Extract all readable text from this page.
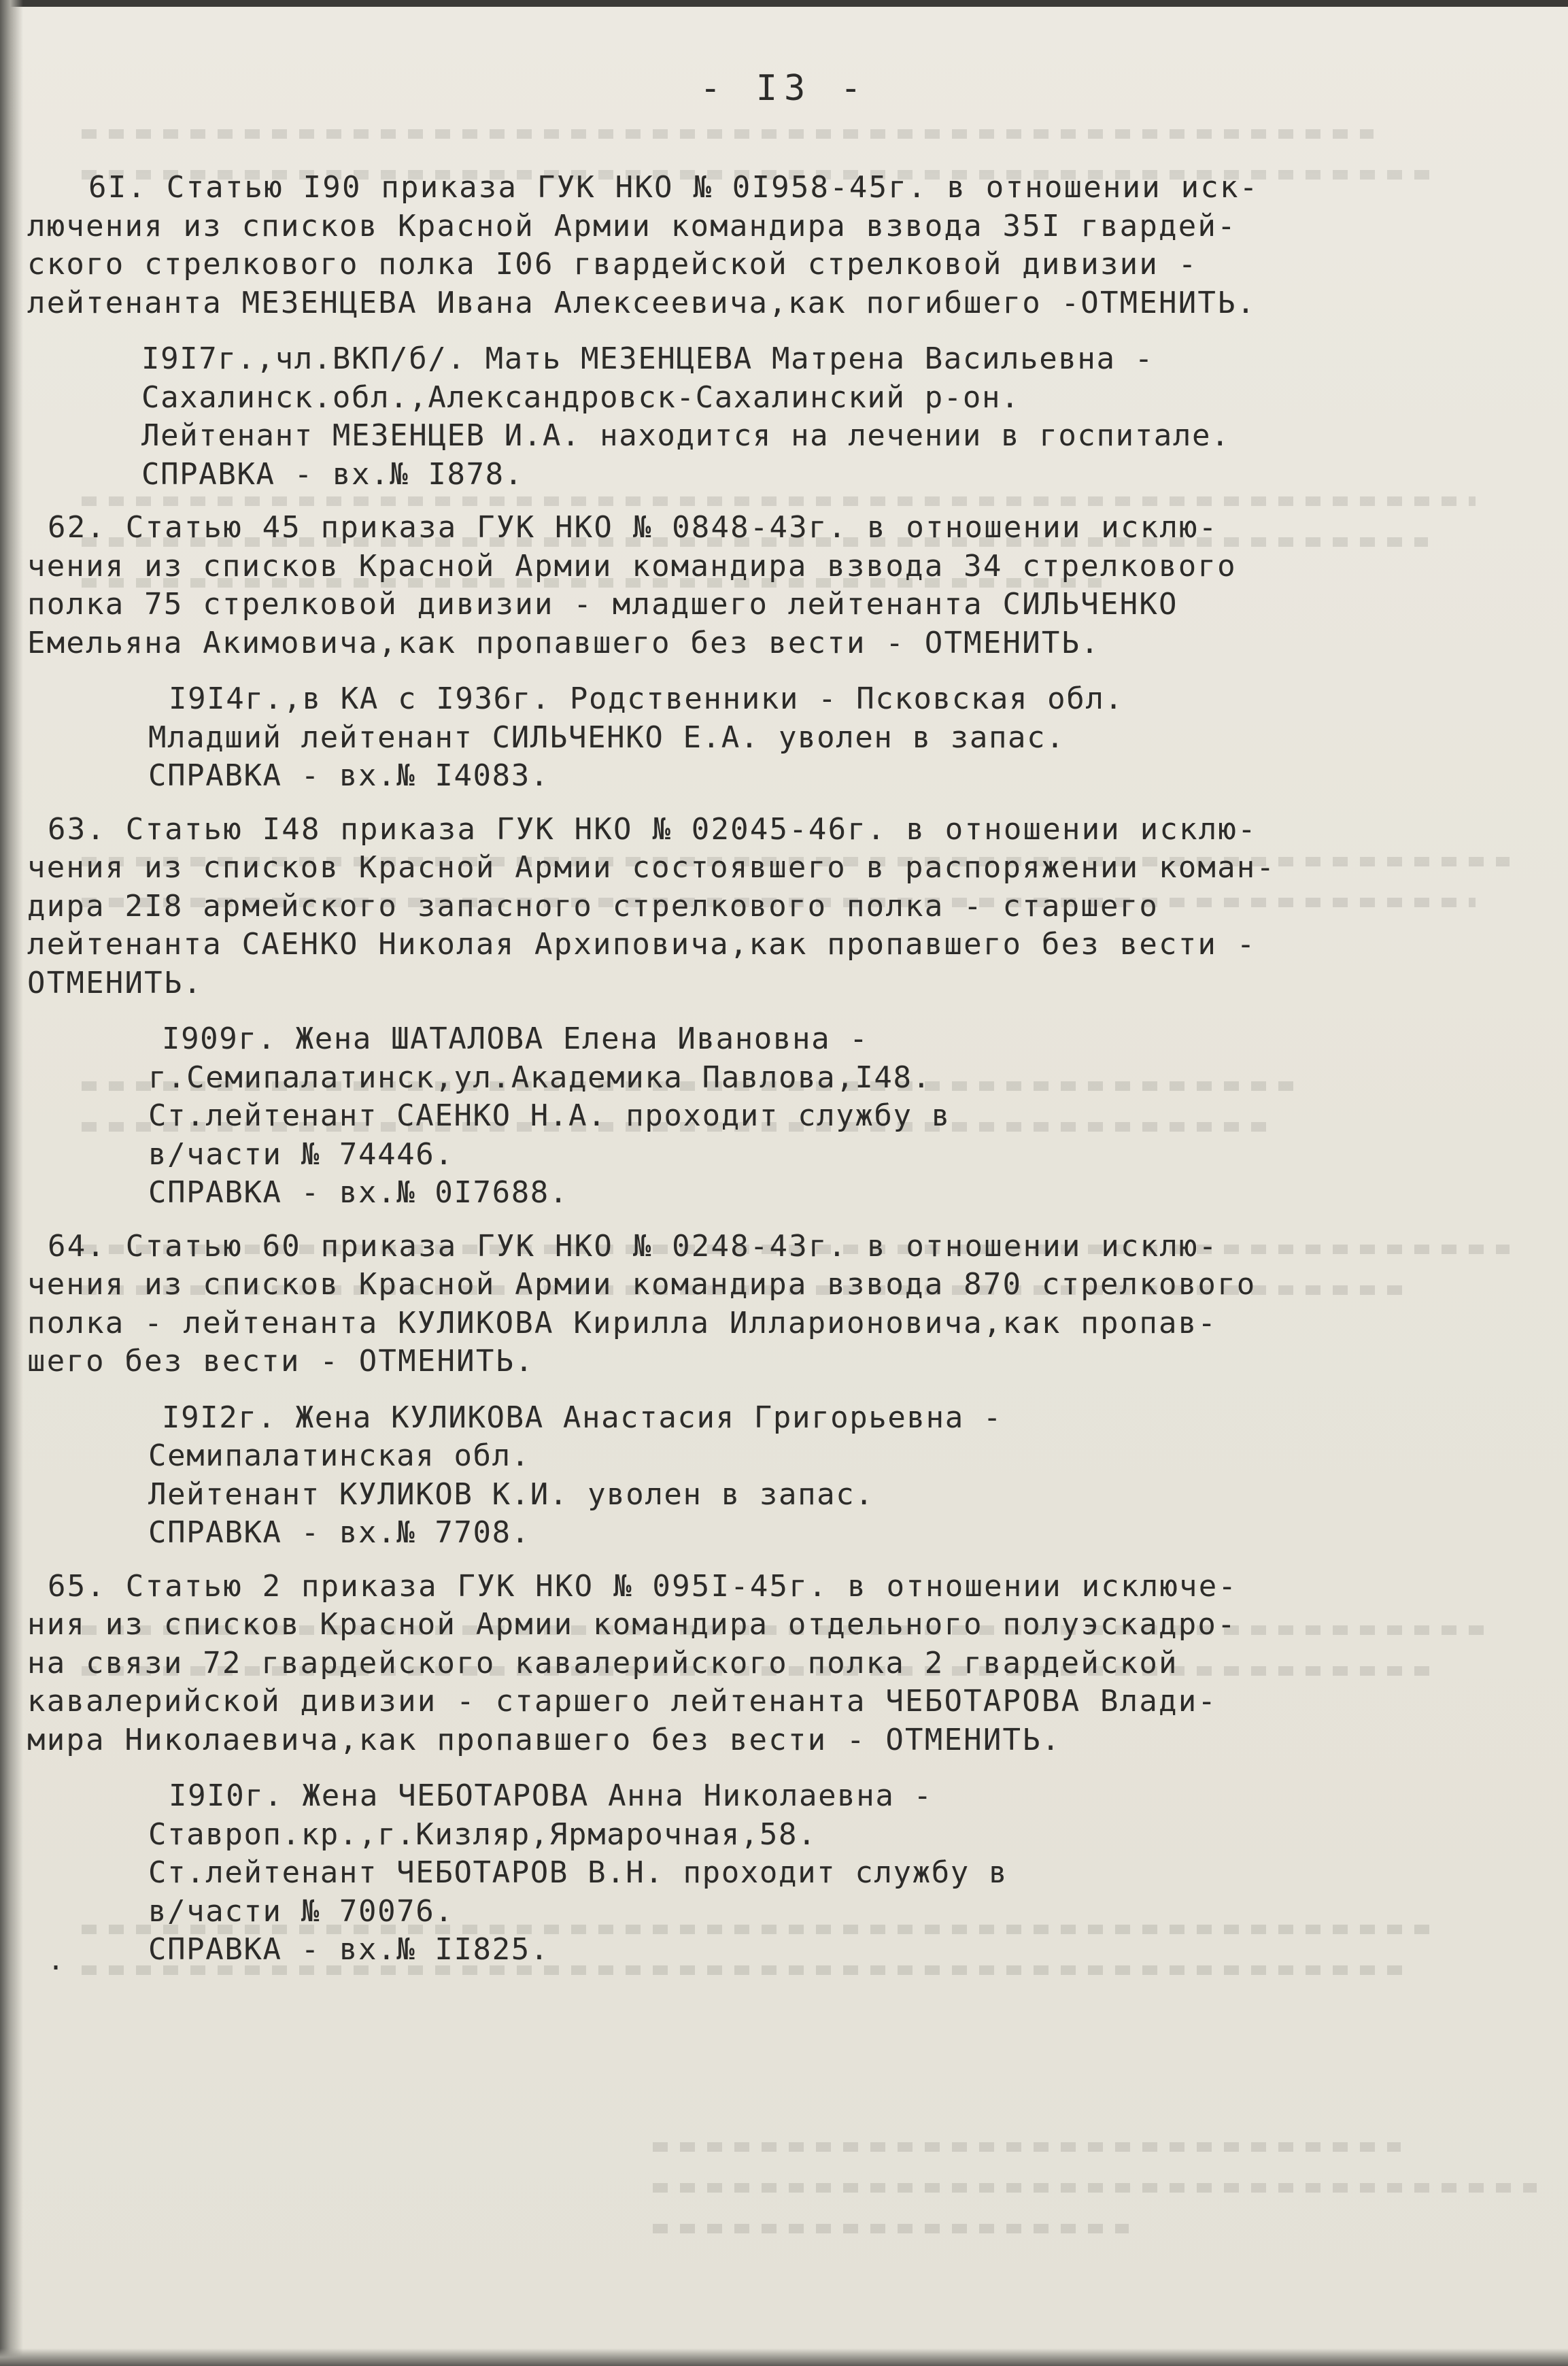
- I3 -
6I. Статью I90 приказа ГУК НКО № 0I958-45г. в отношении иск-
лючения из списков Красной Армии командира взвода 35I гвардей-
ского стрелкового полка I06 гвардейской стрелковой дивизии -
лейтенанта МЕЗЕНЦЕВА Ивана Алексеевича,как погибшего -ОТМЕНИТЬ.
I9I7г.,чл.ВКП/б/. Мать МЕЗЕНЦЕВА Матрена Васильевна -
Сахалинск.обл.,Александровск-Сахалинский р-он.
Лейтенант МЕЗЕНЦЕВ И.А. находится на лечении в госпитале.
СПРАВКА - вх.№ I878.
62. Статью 45 приказа ГУК НКО № 0848-43г. в отношении исклю-
чения из списков Красной Армии командира взвода 34 стрелкового
полка 75 стрелковой дивизии - младшего лейтенанта СИЛЬЧЕНКО
Емельяна Акимовича,как пропавшего без вести - ОТМЕНИТЬ.
I9I4г.,в КА с I936г. Родственники - Псковская обл.
Младший лейтенант СИЛЬЧЕНКО Е.А. уволен в запас.
СПРАВКА - вх.№ I4083.
63. Статью I48 приказа ГУК НКО № 02045-46г. в отношении исклю-
чения из списков Красной Армии состоявшего в распоряжении коман-
дира 2I8 армейского запасного стрелкового полка - старшего
лейтенанта САЕНКО Николая Архиповича,как пропавшего без вести -
ОТМЕНИТЬ.
I909г. Жена ШАТАЛОВА Елена Ивановна -
г.Семипалатинск,ул.Академика Павлова,I48.
Ст.лейтенант САЕНКО Н.А. проходит службу в
в/части № 74446.
СПРАВКА - вх.№ 0I7688.
64. Статью 60 приказа ГУК НКО № 0248-43г. в отношении исклю-
чения из списков Красной Армии командира взвода 870 стрелкового
полка - лейтенанта КУЛИКОВА Кирилла Илларионовича,как пропав-
шего без вести - ОТМЕНИТЬ.
I9I2г. Жена КУЛИКОВА Анастасия Григорьевна -
Семипалатинская обл.
Лейтенант КУЛИКОВ К.И. уволен в запас.
СПРАВКА - вх.№ 7708.
65. Статью 2 приказа ГУК НКО № 095I-45г. в отношении исключе-
ния из списков Красной Армии командира отдельного полуэскадро-
на связи 72 гвардейского кавалерийского полка 2 гвардейской
кавалерийской дивизии - старшего лейтенанта ЧЕБОТАРОВА Влади-
мира Николаевича,как пропавшего без вести - ОТМЕНИТЬ.
I9I0г. Жена ЧЕБОТАРОВА Анна Николаевна -
Ставроп.кр.,г.Кизляр,Ярмарочная,58.
Ст.лейтенант ЧЕБОТАРОВ В.Н. проходит службу в
в/части № 70076.
СПРАВКА - вх.№ II825.
.
